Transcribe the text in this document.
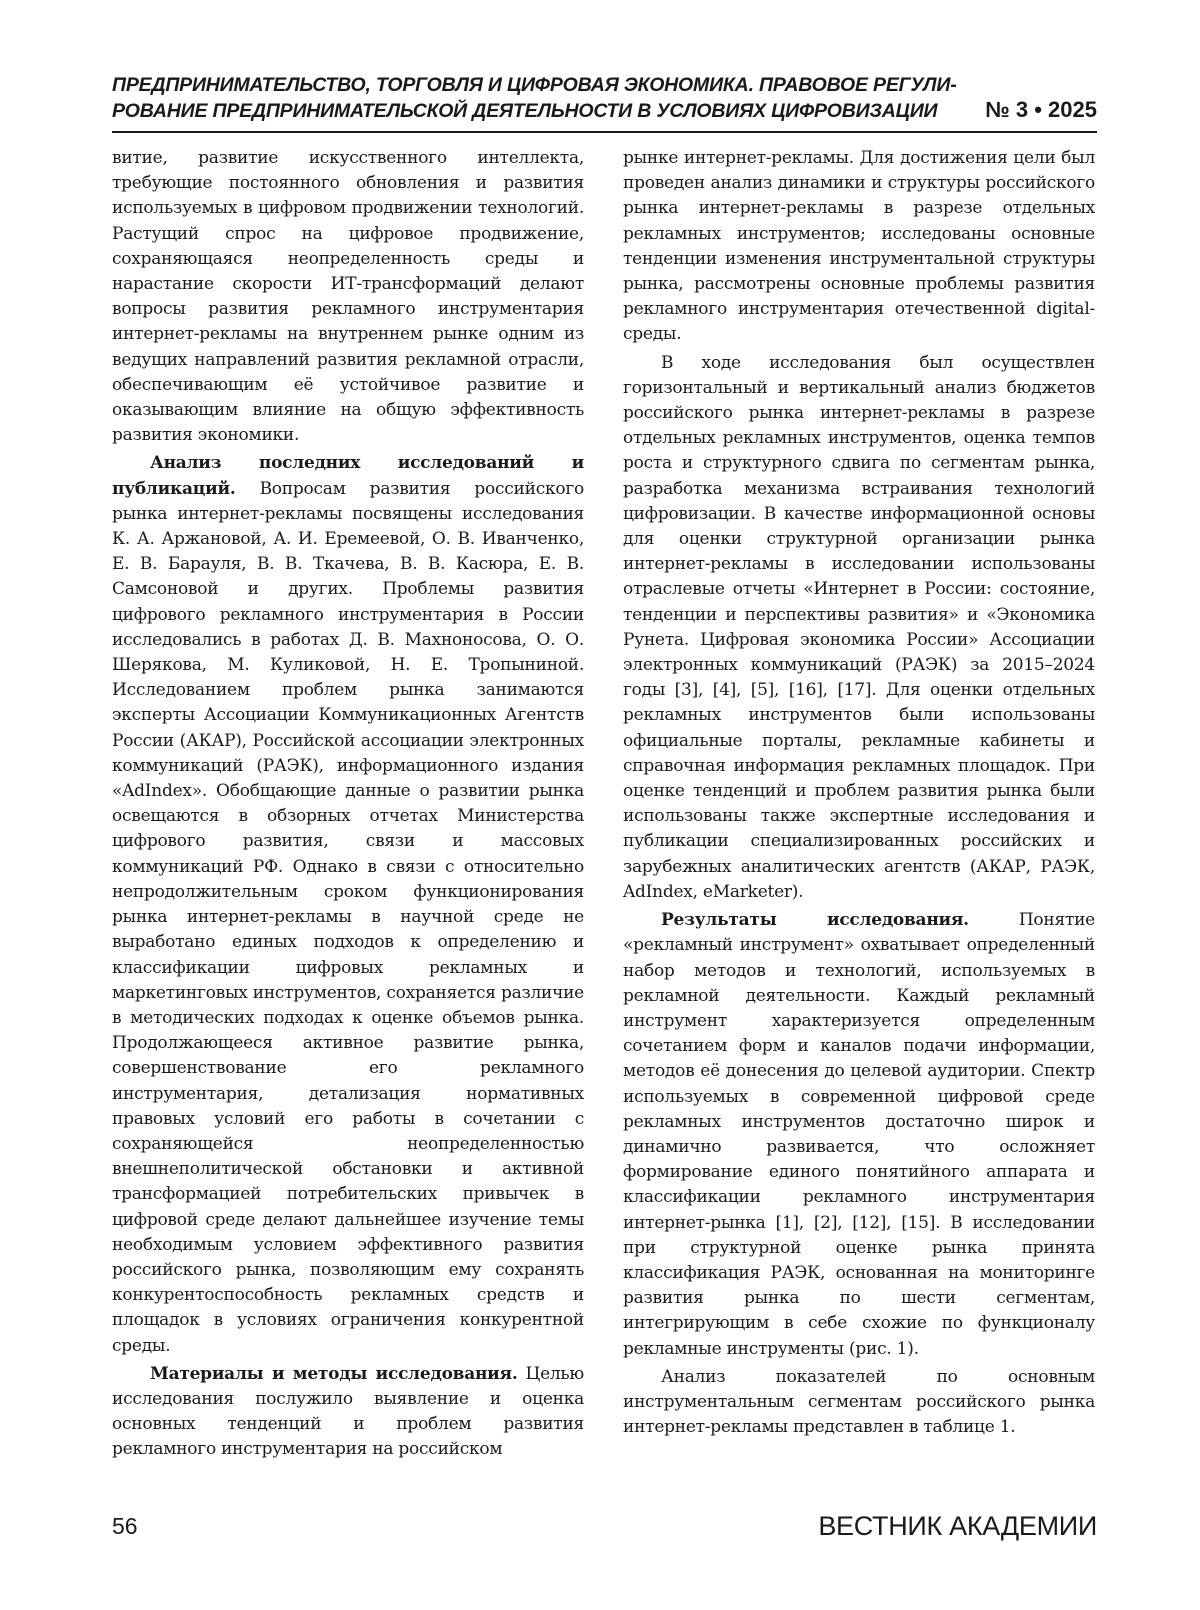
ПРЕДПРИНИМАТЕЛЬСТВО, ТОРГОВЛЯ И ЦИФРОВАЯ ЭКОНОМИКА. ПРАВОВОЕ РЕГУЛИ-
РОВАНИЕ ПРЕДПРИНИМАТЕЛЬСКОЙ ДЕЯТЕЛЬНОСТИ В УСЛОВИЯХ ЦИФРОВИЗАЦИИ № 3 • 2025

витие, развитие искусственного интеллекта, требующие постоянного обновления и развития используемых в цифровом продвижении технологий. Растущий спрос на цифровое продвижение, сохраняющаяся неопределенность среды и нарастание скорости ИТ-трансформаций делают вопросы развития рекламного инструментария интернет-рекламы на внутреннем рынке одним из ведущих направлений развития рекламной отрасли, обеспечивающим её устойчивое развитие и оказывающим влияние на общую эффективность развития экономики.

Анализ последних исследований и публикаций. Вопросам развития российского рынка интернет-рекламы посвящены исследования К. А. Аржановой, А. И. Еремеевой, О. В. Иванченко, Е. В. Барауля, В. В. Ткачева, В. В. Касюра, Е. В. Самсоновой и других. Проблемы развития цифрового рекламного инструментария в России исследовались в работах Д. В. Махноносова, О. О. Шерякова, М. Куликовой, Н. Е. Тропыниной. Исследованием проблем рынка занимаются эксперты Ассоциации Коммуникационных Агентств России (АКАР), Российской ассоциации электронных коммуникаций (РАЭК), информационного издания «AdIndex». Обобщающие данные о развитии рынка освещаются в обзорных отчетах Министерства цифрового развития, связи и массовых коммуникаций РФ. Однако в связи с относительно непродолжительным сроком функционирования рынка интернет-рекламы в научной среде не выработано единых подходов к определению и классификации цифровых рекламных и маркетинговых инструментов, сохраняется различие в методических подходах к оценке объемов рынка. Продолжающееся активное развитие рынка, совершенствование его рекламного инструментария, детализация нормативных правовых условий его работы в сочетании с сохраняющейся неопределенностью внешнеполитической обстановки и активной трансформацией потребительских привычек в цифровой среде делают дальнейшее изучение темы необходимым условием эффективного развития российского рынка, позволяющим ему сохранять конкурентоспособность рекламных средств и площадок в условиях ограничения конкурентной среды.

Материалы и методы исследования. Целью исследования послужило выявление и оценка основных тенденций и проблем развития рекламного инструментария на российском

рынке интернет-рекламы. Для достижения цели был проведен анализ динамики и структуры российского рынка интернет-рекламы в разрезе отдельных рекламных инструментов; исследованы основные тенденции изменения инструментальной структуры рынка, рассмотрены основные проблемы развития рекламного инструментария отечественной digital-среды.

В ходе исследования был осуществлен горизонтальный и вертикальный анализ бюджетов российского рынка интернет-рекламы в разрезе отдельных рекламных инструментов, оценка темпов роста и структурного сдвига по сегментам рынка, разработка механизма встраивания технологий цифровизации. В качестве информационной основы для оценки структурной организации рынка интернет-рекламы в исследовании использованы отраслевые отчеты «Интернет в России: состояние, тенденции и перспективы развития» и «Экономика Рунета. Цифровая экономика России» Ассоциации электронных коммуникаций (РАЭК) за 2015–2024 годы [3], [4], [5], [16], [17]. Для оценки отдельных рекламных инструментов были использованы официальные порталы, рекламные кабинеты и справочная информация рекламных площадок. При оценке тенденций и проблем развития рынка были использованы также экспертные исследования и публикации специализированных российских и зарубежных аналитических агентств (АКАР, РАЭК, AdIndex, eMarketer).

Результаты исследования. Понятие «рекламный инструмент» охватывает определенный набор методов и технологий, используемых в рекламной деятельности. Каждый рекламный инструмент характеризуется определенным сочетанием форм и каналов подачи информации, методов её донесения до целевой аудитории. Спектр используемых в современной цифровой среде рекламных инструментов достаточно широк и динамично развивается, что осложняет формирование единого понятийного аппарата и классификации рекламного инструментария интернет-рынка [1], [2], [12], [15]. В исследовании при структурной оценке рынка принята классификация РАЭК, основанная на мониторинге развития рынка по шести сегментам, интегрирующим в себе схожие по функционалу рекламные инструменты (рис. 1).

Анализ показателей по основным инструментальным сегментам российского рынка интернет-рекламы представлен в таблице 1.

56	ВЕСТНИК АКАДЕМИИ
